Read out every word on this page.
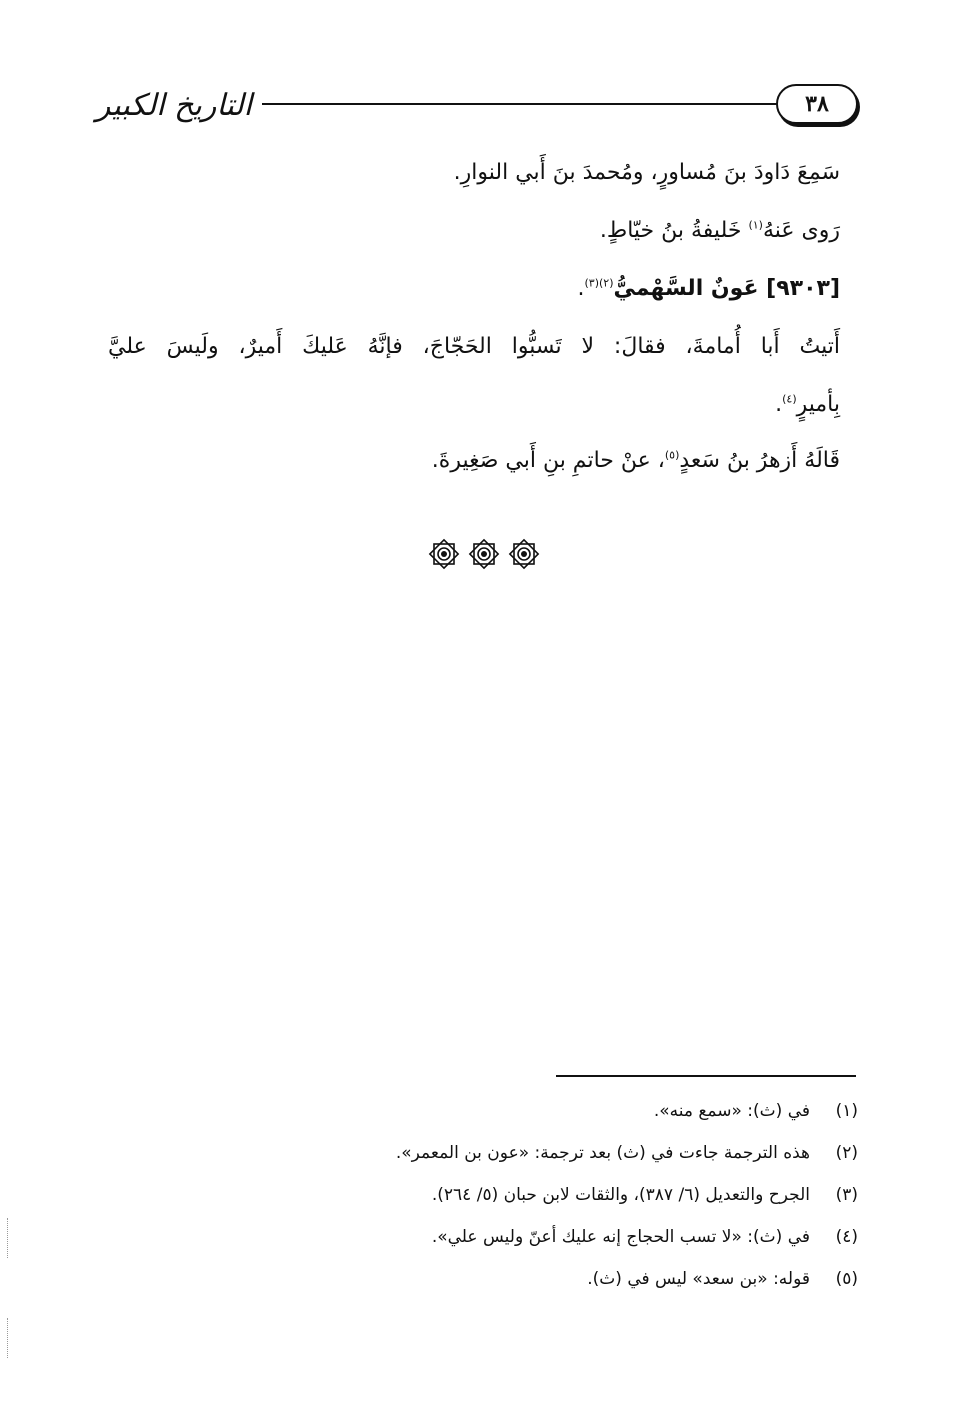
التاريخ الكبير	٣٨
سَمِعَ دَاودَ بنَ مُساورٍ، ومُحمدَ بنَ أَبي النوارِ.
رَوى عَنهُ$^{(١)}$ خَليفةُ بنُ خيّاطٍ.
[٩٣٠٣] عَونٌ السَّهْميُّ$^{(٢)(٣)}$.
أَتيتُ أَبا أُمامةَ، فقالَ: لا تَسبُّوا الحَجّاجَ، فإنَّهُ عَليكَ أَميرٌ، ولَيسَ عليَّ
بِأميرٍ$^{(٤)}$.
قَالَهُ أَزهرُ بنُ سَعدٍ$^{(٥)}$، عنْ حاتمِ بنِ أَبي صَغِيرةَ.
(١)
في (ث): «سمع منه».
(٢)
هذه الترجمة جاءت في (ث) بعد ترجمة: «عون بن المعمر».
(٣)
الجرح والتعديل (٦/ ٣٨٧)، والثقات لابن حبان (٥/ ٢٦٤).
(٤)
في (ث): «لا تسب الحجاج إنه عليك أعنّ وليس علي».
(٥)
قوله: «بن سعد» ليس في (ث).
